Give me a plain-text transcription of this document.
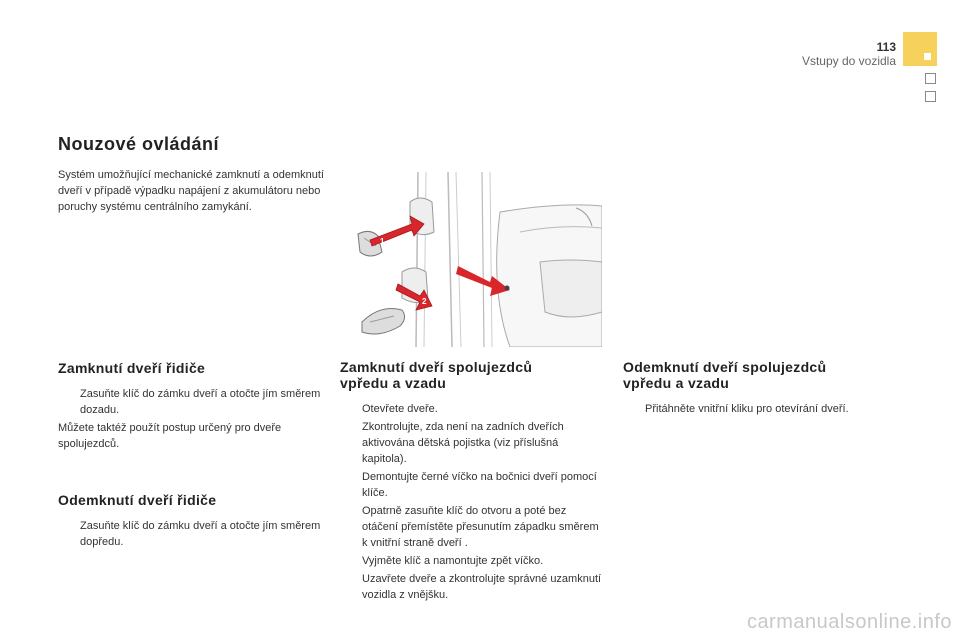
113
Vstupy do vozidla
Nouzové ovládání

Systém umožňující mechanické zamknutí a odemknutí dveří v případě výpadku napájení z akumulátoru nebo poruchy systému centrálního zamykání.

1
2
Zamknutí dveří řidiče
Zasuňte klíč do zámku dveří a otočte jím směrem dozadu.

Můžete taktéž použít postup určený pro dveře spolujezdců.

Odemknutí dveří řidiče
Zasuňte klíč do zámku dveří a otočte jím směrem dopředu.
Zamknutí dveří spolujezdců
vpředu a vzadu
Otevřete dveře.
Zkontrolujte, zda není na zadních dveřích aktivována dětská pojistka (viz příslušná kapitola).
Demontujte černé víčko na bočnici dveří pomocí klíče.
Opatrně zasuňte klíč do otvoru a poté bez otáčení přemístěte přesunutím západku směrem k vnitřní straně dveří .
Vyjměte klíč a namontujte zpět víčko.
Uzavřete dveře a zkontrolujte správné uzamknutí vozidla z vnějšku.
Odemknutí dveří spolujezdců
vpředu a vzadu
Přitáhněte vnitřní kliku pro otevírání dveří.
carmanualsonline.info
